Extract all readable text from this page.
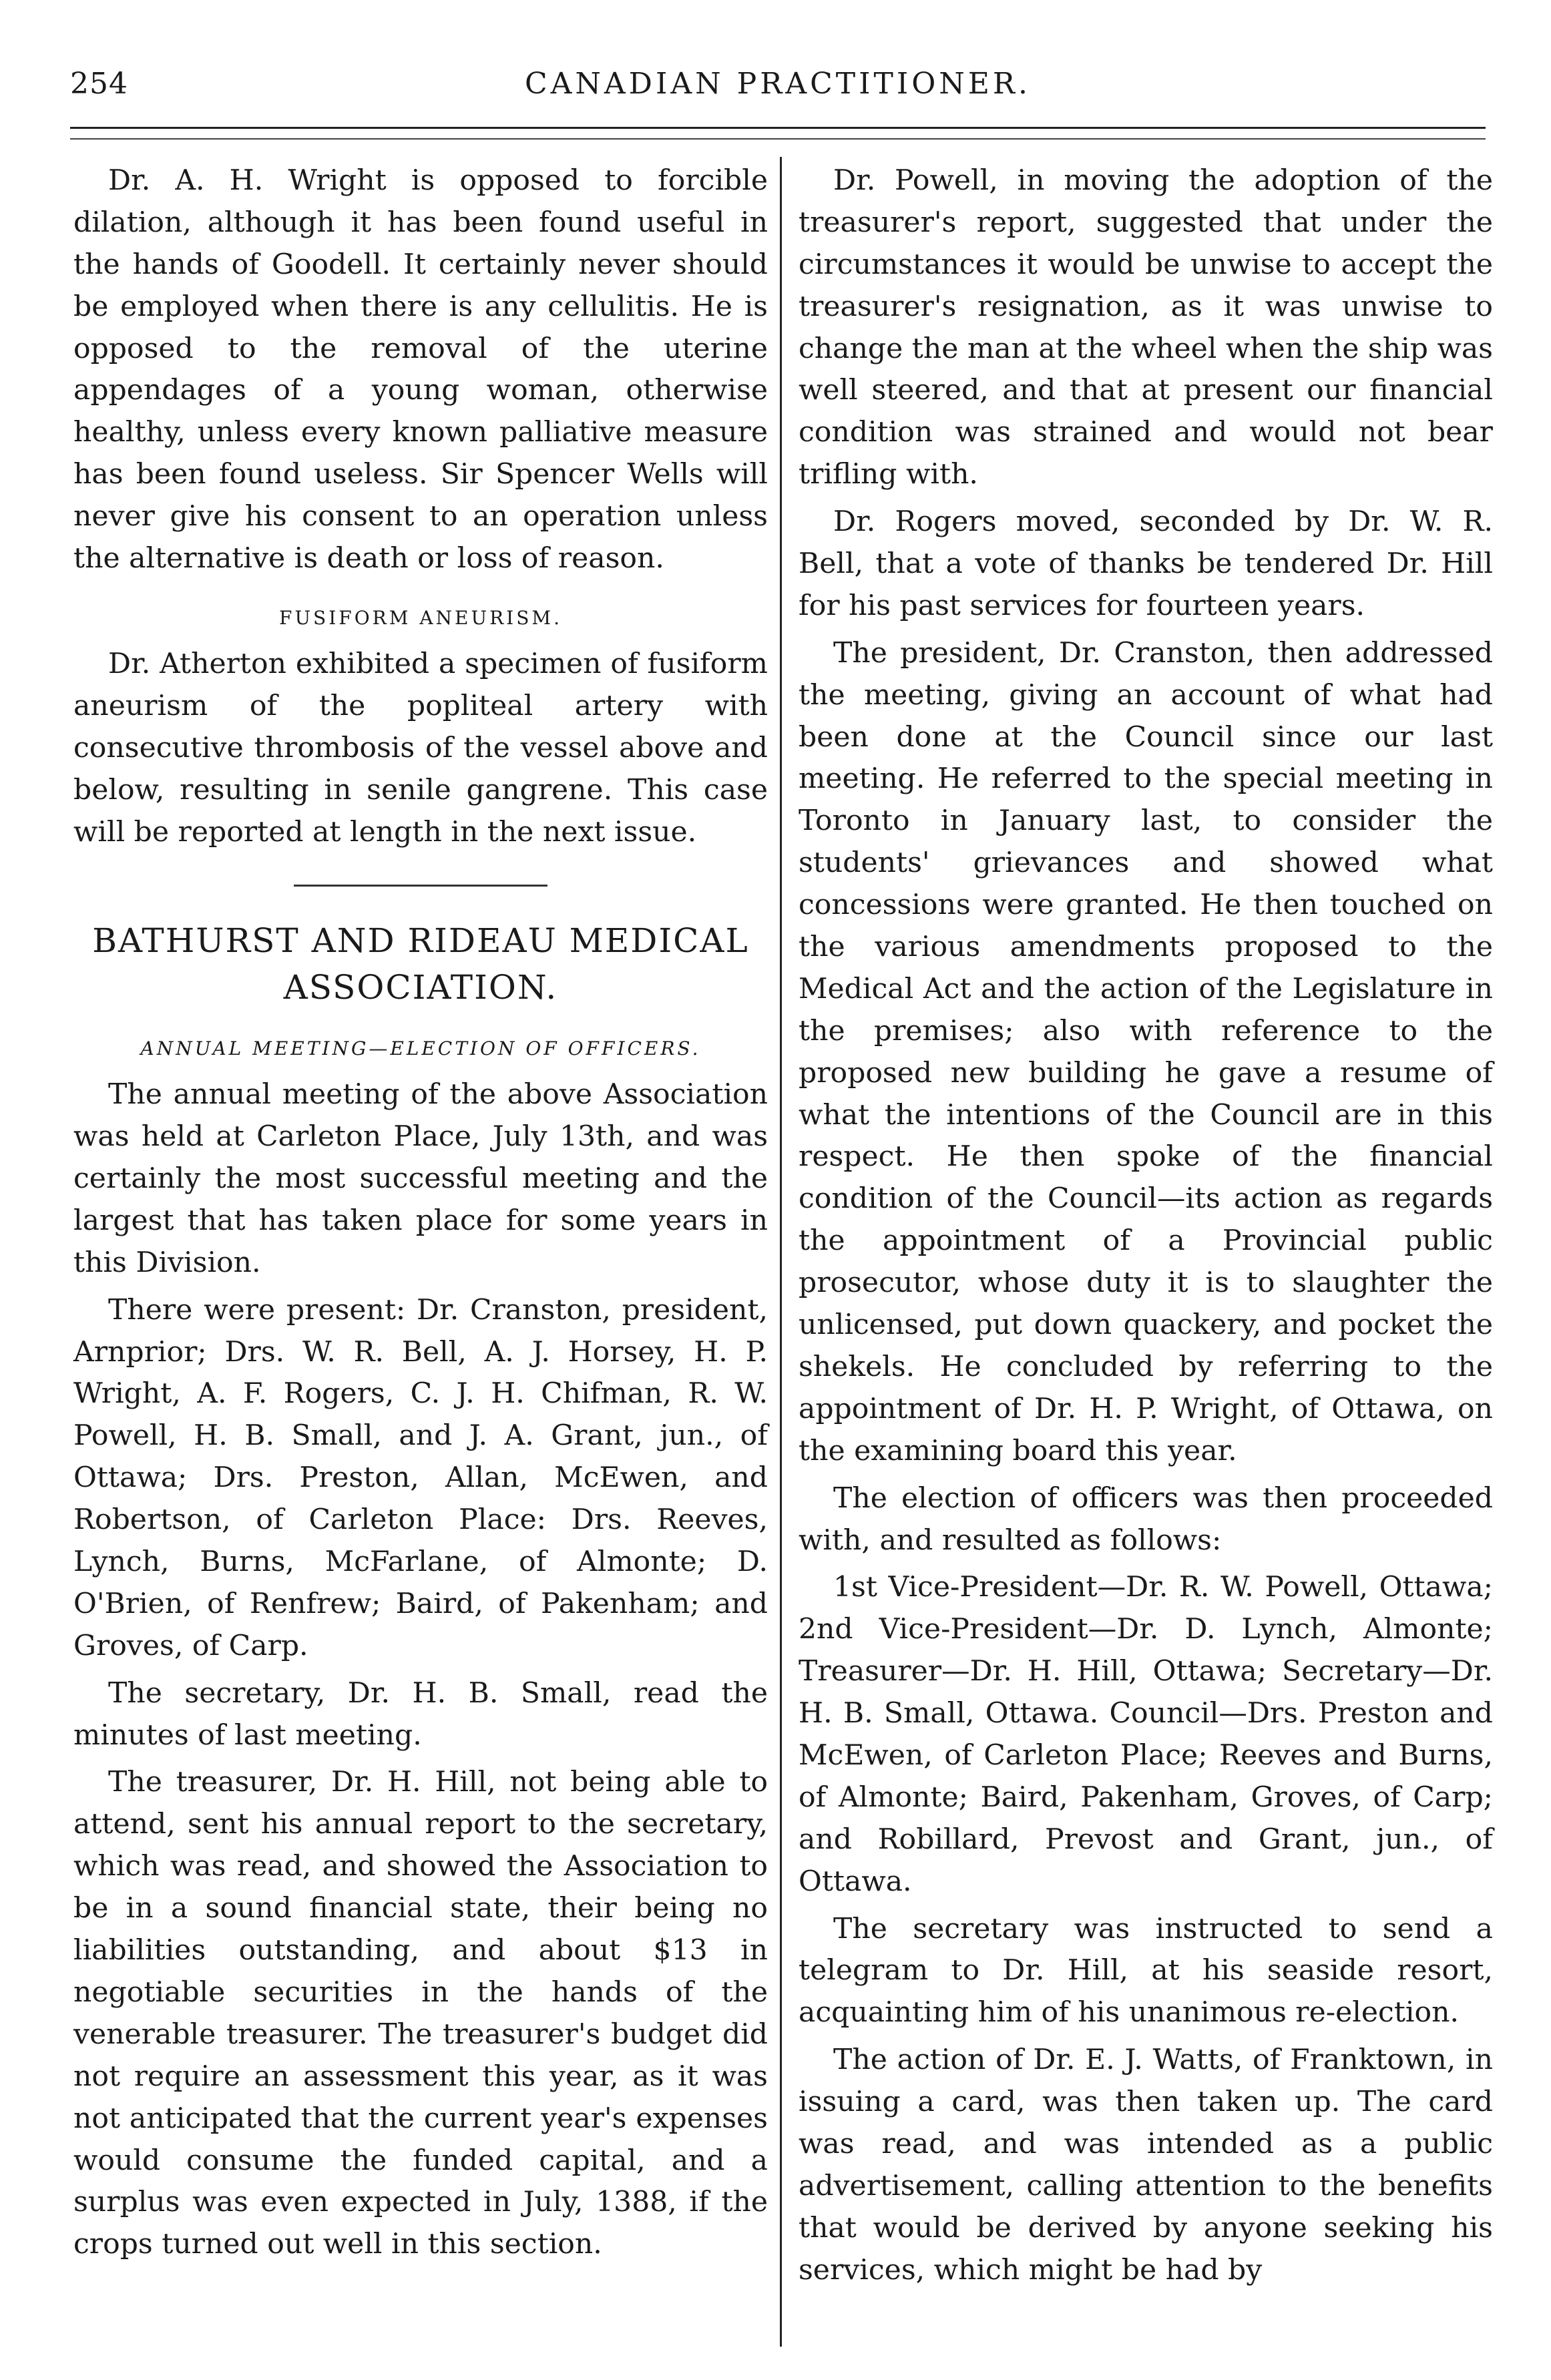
254	CANADIAN PRACTITIONER.

Dr. A. H. Wright is opposed to forcible dilation, although it has been found useful in the hands of Goodell. It certainly never should be employed when there is any cellulitis. He is opposed to the removal of the uterine appendages of a young woman, otherwise healthy, unless every known palliative measure has been found useless. Sir Spencer Wells will never give his consent to an operation unless the alternative is death or loss of reason.

FUSIFORM ANEURISM.

Dr. Atherton exhibited a specimen of fusiform aneurism of the popliteal artery with consecutive thrombosis of the vessel above and below, resulting in senile gangrene. This case will be reported at length in the next issue.

BATHURST AND RIDEAU MEDICAL ASSOCIATION.
ANNUAL MEETING—ELECTION OF OFFICERS.

The annual meeting of the above Association was held at Carleton Place, July 13th, and was certainly the most successful meeting and the largest that has taken place for some years in this Division.

There were present: Dr. Cranston, president, Arnprior; Drs. W. R. Bell, A. J. Horsey, H. P. Wright, A. F. Rogers, C. J. H. Chifman, R. W. Powell, H. B. Small, and J. A. Grant, jun., of Ottawa; Drs. Preston, Allan, McEwen, and Robertson, of Carleton Place: Drs. Reeves, Lynch, Burns, McFarlane, of Almonte; D. O'Brien, of Renfrew; Baird, of Pakenham; and Groves, of Carp.

The secretary, Dr. H. B. Small, read the minutes of last meeting.

The treasurer, Dr. H. Hill, not being able to attend, sent his annual report to the secretary, which was read, and showed the Association to be in a sound financial state, their being no liabilities outstanding, and about $13 in negotiable securities in the hands of the venerable treasurer. The treasurer's budget did not require an assessment this year, as it was not anticipated that the current year's expenses would consume the funded capital, and a surplus was even expected in July, 1388, if the crops turned out well in this section.

Dr. Powell, in moving the adoption of the treasurer's report, suggested that under the circumstances it would be unwise to accept the treasurer's resignation, as it was unwise to change the man at the wheel when the ship was well steered, and that at present our financial condition was strained and would not bear trifling with.

Dr. Rogers moved, seconded by Dr. W. R. Bell, that a vote of thanks be tendered Dr. Hill for his past services for fourteen years.

The president, Dr. Cranston, then addressed the meeting, giving an account of what had been done at the Council since our last meeting. He referred to the special meeting in Toronto in January last, to consider the students' grievances and showed what concessions were granted. He then touched on the various amendments proposed to the Medical Act and the action of the Legislature in the premises; also with reference to the proposed new building he gave a resume of what the intentions of the Council are in this respect. He then spoke of the financial condition of the Council—its action as regards the appointment of a Provincial public prosecutor, whose duty it is to slaughter the unlicensed, put down quackery, and pocket the shekels. He concluded by referring to the appointment of Dr. H. P. Wright, of Ottawa, on the examining board this year.

The election of officers was then proceeded with, and resulted as follows:

1st Vice-President—Dr. R. W. Powell, Ottawa; 2nd Vice-President—Dr. D. Lynch, Almonte; Treasurer—Dr. H. Hill, Ottawa; Secretary—Dr. H. B. Small, Ottawa. Council—Drs. Preston and McEwen, of Carleton Place; Reeves and Burns, of Almonte; Baird, Pakenham, Groves, of Carp; and Robillard, Prevost and Grant, jun., of Ottawa.

The secretary was instructed to send a telegram to Dr. Hill, at his seaside resort, acquainting him of his unanimous re-election.

The action of Dr. E. J. Watts, of Franktown, in issuing a card, was then taken up. The card was read, and was intended as a public advertisement, calling attention to the benefits that would be derived by anyone seeking his services, which might be had by
